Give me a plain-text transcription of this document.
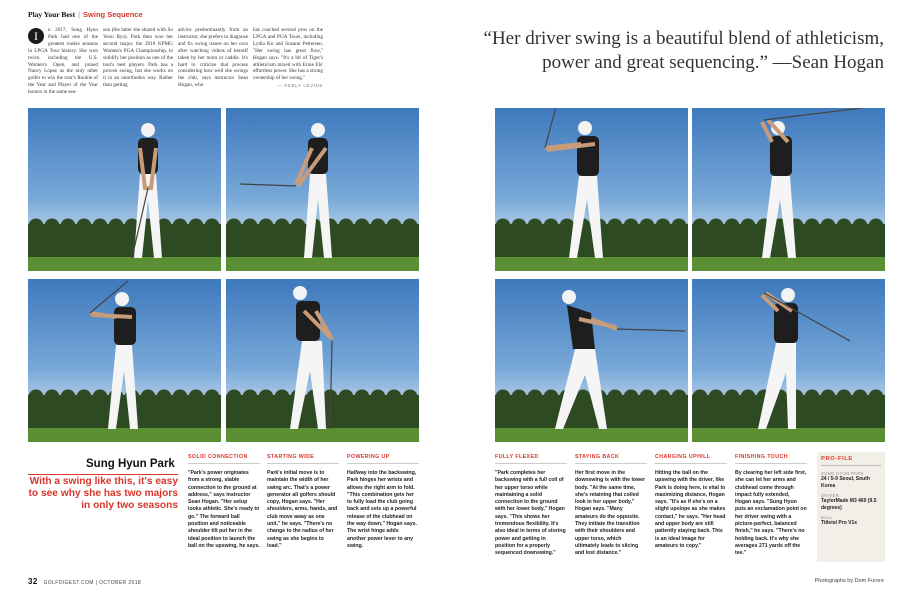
Play Your Best | Swing Sequence
I	n 2017, Sung Hyun Park had one of the greatest rookie seasons in LPGA Tour history. She won twice, including the U.S. Women's Open, and joined Nancy Lopez as the only other golfer to win the tour's Rookie of the Year and Player of the Year honors in the same sea-
son (the latter she shared with So Yeon Ryu). Park then won her second major, the 2018 KPMG Women's PGA Championship, to solidify her position as one of the tour's best players. Park has a proven swing, but she works on it in an unorthodox way. Rather than getting
advice predominantly from an instructor, she prefers to diagnose and fix swing issues on her own after watching videos of herself taken by her mom or caddie. It's hard to criticize that process considering how well she swings the club, says instructor Sean Hogan, who
has coached several pros on the LPGA and PGA Tours, including Lydia Ko and Suzann Pettersen. "Her swing has great flow," Hogan says. "It's a bit of Tiger's athleticism mixed with Ernie Els' effortless power. She has a strong ownership of her swing."
— KEELY LEVINS
“Her driver swing is a beautiful blend of athleticism, power and great sequencing.” —Sean Hogan
Sung Hyun Park
With a swing like this, it's easy to see why she has two majors in only two seasons
SOLID CONNECTION
"Park's power originates from a strong, stable connection to the ground at address," says instructor Sean Hogan. "Her setup looks athletic. She's ready to go." The forward ball position and noticeable shoulder tilt put her in the ideal position to launch the ball on the upswing, he says.
STARTING WIDE
Park's initial move is to maintain the width of her swing arc. That's a power generator all golfers should copy, Hogan says. "Her shoulders, arms, hands, and club move away as one unit," he says. "There's no change to the radius of her swing as she begins to load."
POWERING UP
Halfway into the backswing, Park hinges her wrists and allows the right arm to fold. "This combination gets her to fully load the club going back and sets up a powerful release of the clubhead on the way down," Hogan says. The wrist hinge adds another power lever to any swing.
FULLY FLEXED
"Park completes her backswing with a full coil of her upper torso while maintaining a solid connection to the ground with her lower body," Hogan says. "This shows her tremendous flexibility. It's also ideal in terms of storing power and getting in position for a properly sequenced downswing."
STAYING BACK
Her first move in the downswing is with the lower body. "At the same time, she's retaining that coiled look in her upper body," Hogan says. "Many amateurs do the opposite. They initiate the transition with their shoulders and upper torso, which ultimately leads to slicing and lost distance."
CHARGING UPHILL
Hitting the ball on the upswing with the driver, like Park is doing here, is vital to maximizing distance, Hogan says. "It's as if she's on a slight upslope as she makes contact," he says. "Her head and upper body are still patiently staying back. This is an ideal image for amateurs to copy."
FINISHING TOUCH
By clearing her left side first, she can let her arms and clubhead come through impact fully extended, Hogan says. "Sung Hyun puts an exclamation point on her driver swing with a picture-perfect, balanced finish," he says. "There's no holding back. It's why she averages 271 yards off the tee."
PRO-FILE
SUNG HYUN PARK
24 / 5-9 Seoul, South Korea
DRIVER
TaylorMade M3 460 (9.5 degrees)
BALL
Titleist Pro V1x
32 GOLFDIGEST.COM | OCTOBER 2018	Photographs by Dom Furore
